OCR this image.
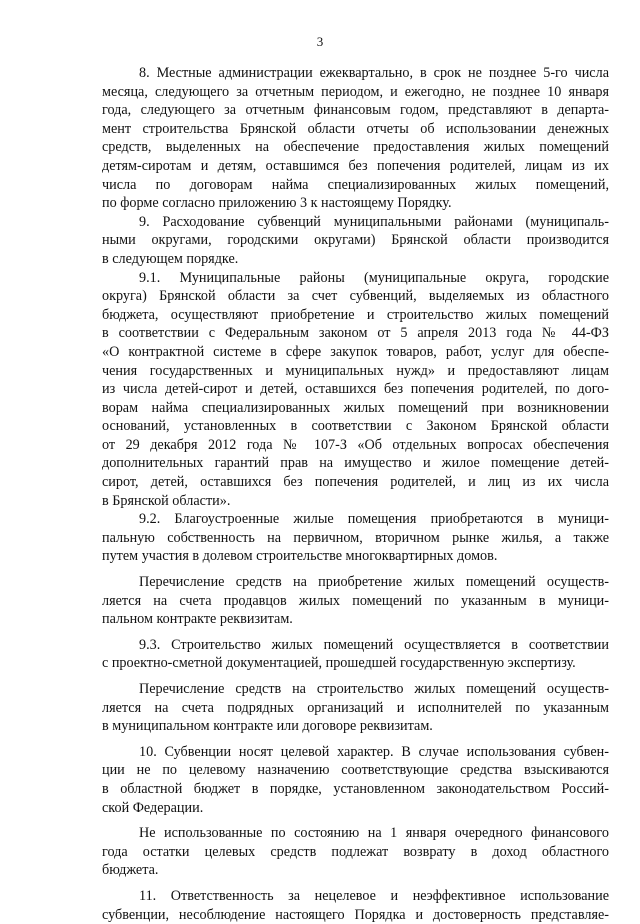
3

8. Местные администрации ежеквартально, в срок не позднее 5-го числа
месяца, следующего за отчетным периодом, и ежегодно, не позднее 10 января
года, следующего за отчетным финансовым годом, представляют в департа-
мент строительства Брянской области отчеты об использовании денежных
средств, выделенных на обеспечение предоставления жилых помещений
детям-сиротам и детям, оставшимся без попечения родителей, лицам из их
числа по договорам найма специализированных жилых помещений,
по форме согласно приложению 3 к настоящему Порядку.

9. Расходование субвенций муниципальными районами (муниципаль-
ными округами, городскими округами) Брянской области производится
в следующем порядке.

9.1. Муниципальные районы (муниципальные округа, городские
округа) Брянской области за счет субвенций, выделяемых из областного
бюджета, осуществляют приобретение и строительство жилых помещений
в соответствии с Федеральным законом от 5 апреля 2013 года № 44-ФЗ
«О контрактной системе в сфере закупок товаров, работ, услуг для обеспе-
чения государственных и муниципальных нужд» и предоставляют лицам
из числа детей-сирот и детей, оставшихся без попечения родителей, по дого-
ворам найма специализированных жилых помещений при возникновении
оснований, установленных в соответствии с Законом Брянской области
от 29 декабря 2012 года № 107-З «Об отдельных вопросах обеспечения
дополнительных гарантий прав на имущество и жилое помещение детей-
сирот, детей, оставшихся без попечения родителей, и лиц из их числа
в Брянской области».

9.2. Благоустроенные жилые помещения приобретаются в муници-
пальную собственность на первичном, вторичном рынке жилья, а также
путем участия в долевом строительстве многоквартирных домов.

Перечисление средств на приобретение жилых помещений осуществ-
ляется на счета продавцов жилых помещений по указанным в муници-
пальном контракте реквизитам.

9.3. Строительство жилых помещений осуществляется в соответствии
с проектно-сметной документацией, прошедшей государственную экспертизу.

Перечисление средств на строительство жилых помещений осуществ-
ляется на счета подрядных организаций и исполнителей по указанным
в муниципальном контракте или договоре реквизитам.

10. Субвенции носят целевой характер. В случае использования субвен-
ции не по целевому назначению соответствующие средства взыскиваются
в областной бюджет в порядке, установленном законодательством Россий-
ской Федерации.

Не использованные по состоянию на 1 января очередного финансового
года остатки целевых средств подлежат возврату в доход областного
бюджета.

11. Ответственность за нецелевое и неэффективное использование
субвенции, несоблюдение настоящего Порядка и достоверность представляе-
